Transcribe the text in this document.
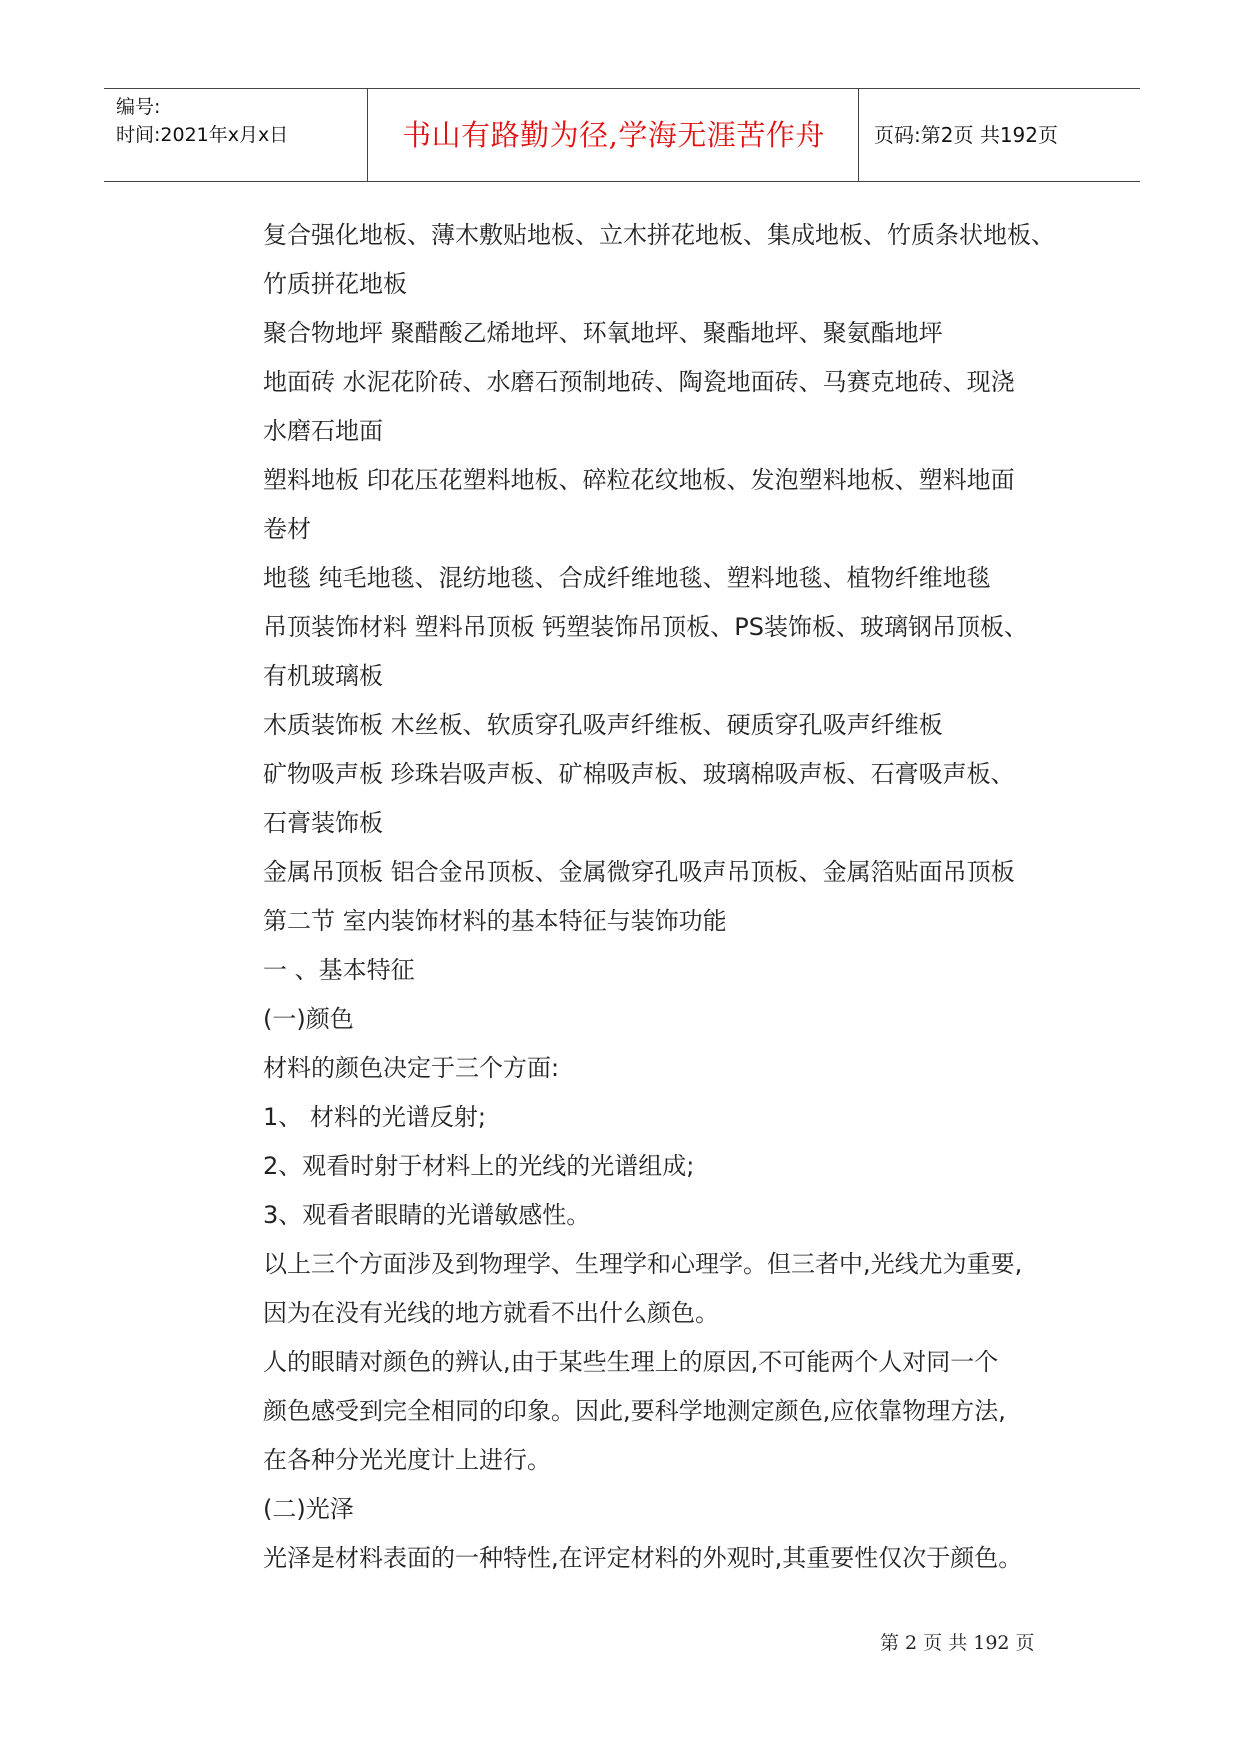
编号:
时间:2021年x月x日	书山有路勤为径,学海无涯苦作舟	页码:第2页 共192页
复合强化地板、薄木敷贴地板、立木拼花地板、集成地板、竹质条状地板、
竹质拼花地板
聚合物地坪 聚醋酸乙烯地坪、环氧地坪、聚酯地坪、聚氨酯地坪
地面砖 水泥花阶砖、水磨石预制地砖、陶瓷地面砖、马赛克地砖、现浇
水磨石地面
塑料地板 印花压花塑料地板、碎粒花纹地板、发泡塑料地板、塑料地面
卷材
地毯 纯毛地毯、混纺地毯、合成纤维地毯、塑料地毯、植物纤维地毯
吊顶装饰材料 塑料吊顶板 钙塑装饰吊顶板、PS装饰板、玻璃钢吊顶板、
有机玻璃板
木质装饰板 木丝板、软质穿孔吸声纤维板、硬质穿孔吸声纤维板
矿物吸声板 珍珠岩吸声板、矿棉吸声板、玻璃棉吸声板、石膏吸声板、
石膏装饰板
金属吊顶板 铝合金吊顶板、金属微穿孔吸声吊顶板、金属箔贴面吊顶板
第二节 室内装饰材料的基本特征与装饰功能
一 、基本特征
(一)颜色
材料的颜色决定于三个方面:
1、 材料的光谱反射;
2、观看时射于材料上的光线的光谱组成;
3、观看者眼睛的光谱敏感性。
以上三个方面涉及到物理学、生理学和心理学。但三者中,光线尤为重要,
因为在没有光线的地方就看不出什么颜色。
人的眼睛对颜色的辨认,由于某些生理上的原因,不可能两个人对同一个
颜色感受到完全相同的印象。因此,要科学地测定颜色,应依靠物理方法,
在各种分光光度计上进行。
(二)光泽
光泽是材料表面的一种特性,在评定材料的外观时,其重要性仅次于颜色。
第 2 页 共 192 页
